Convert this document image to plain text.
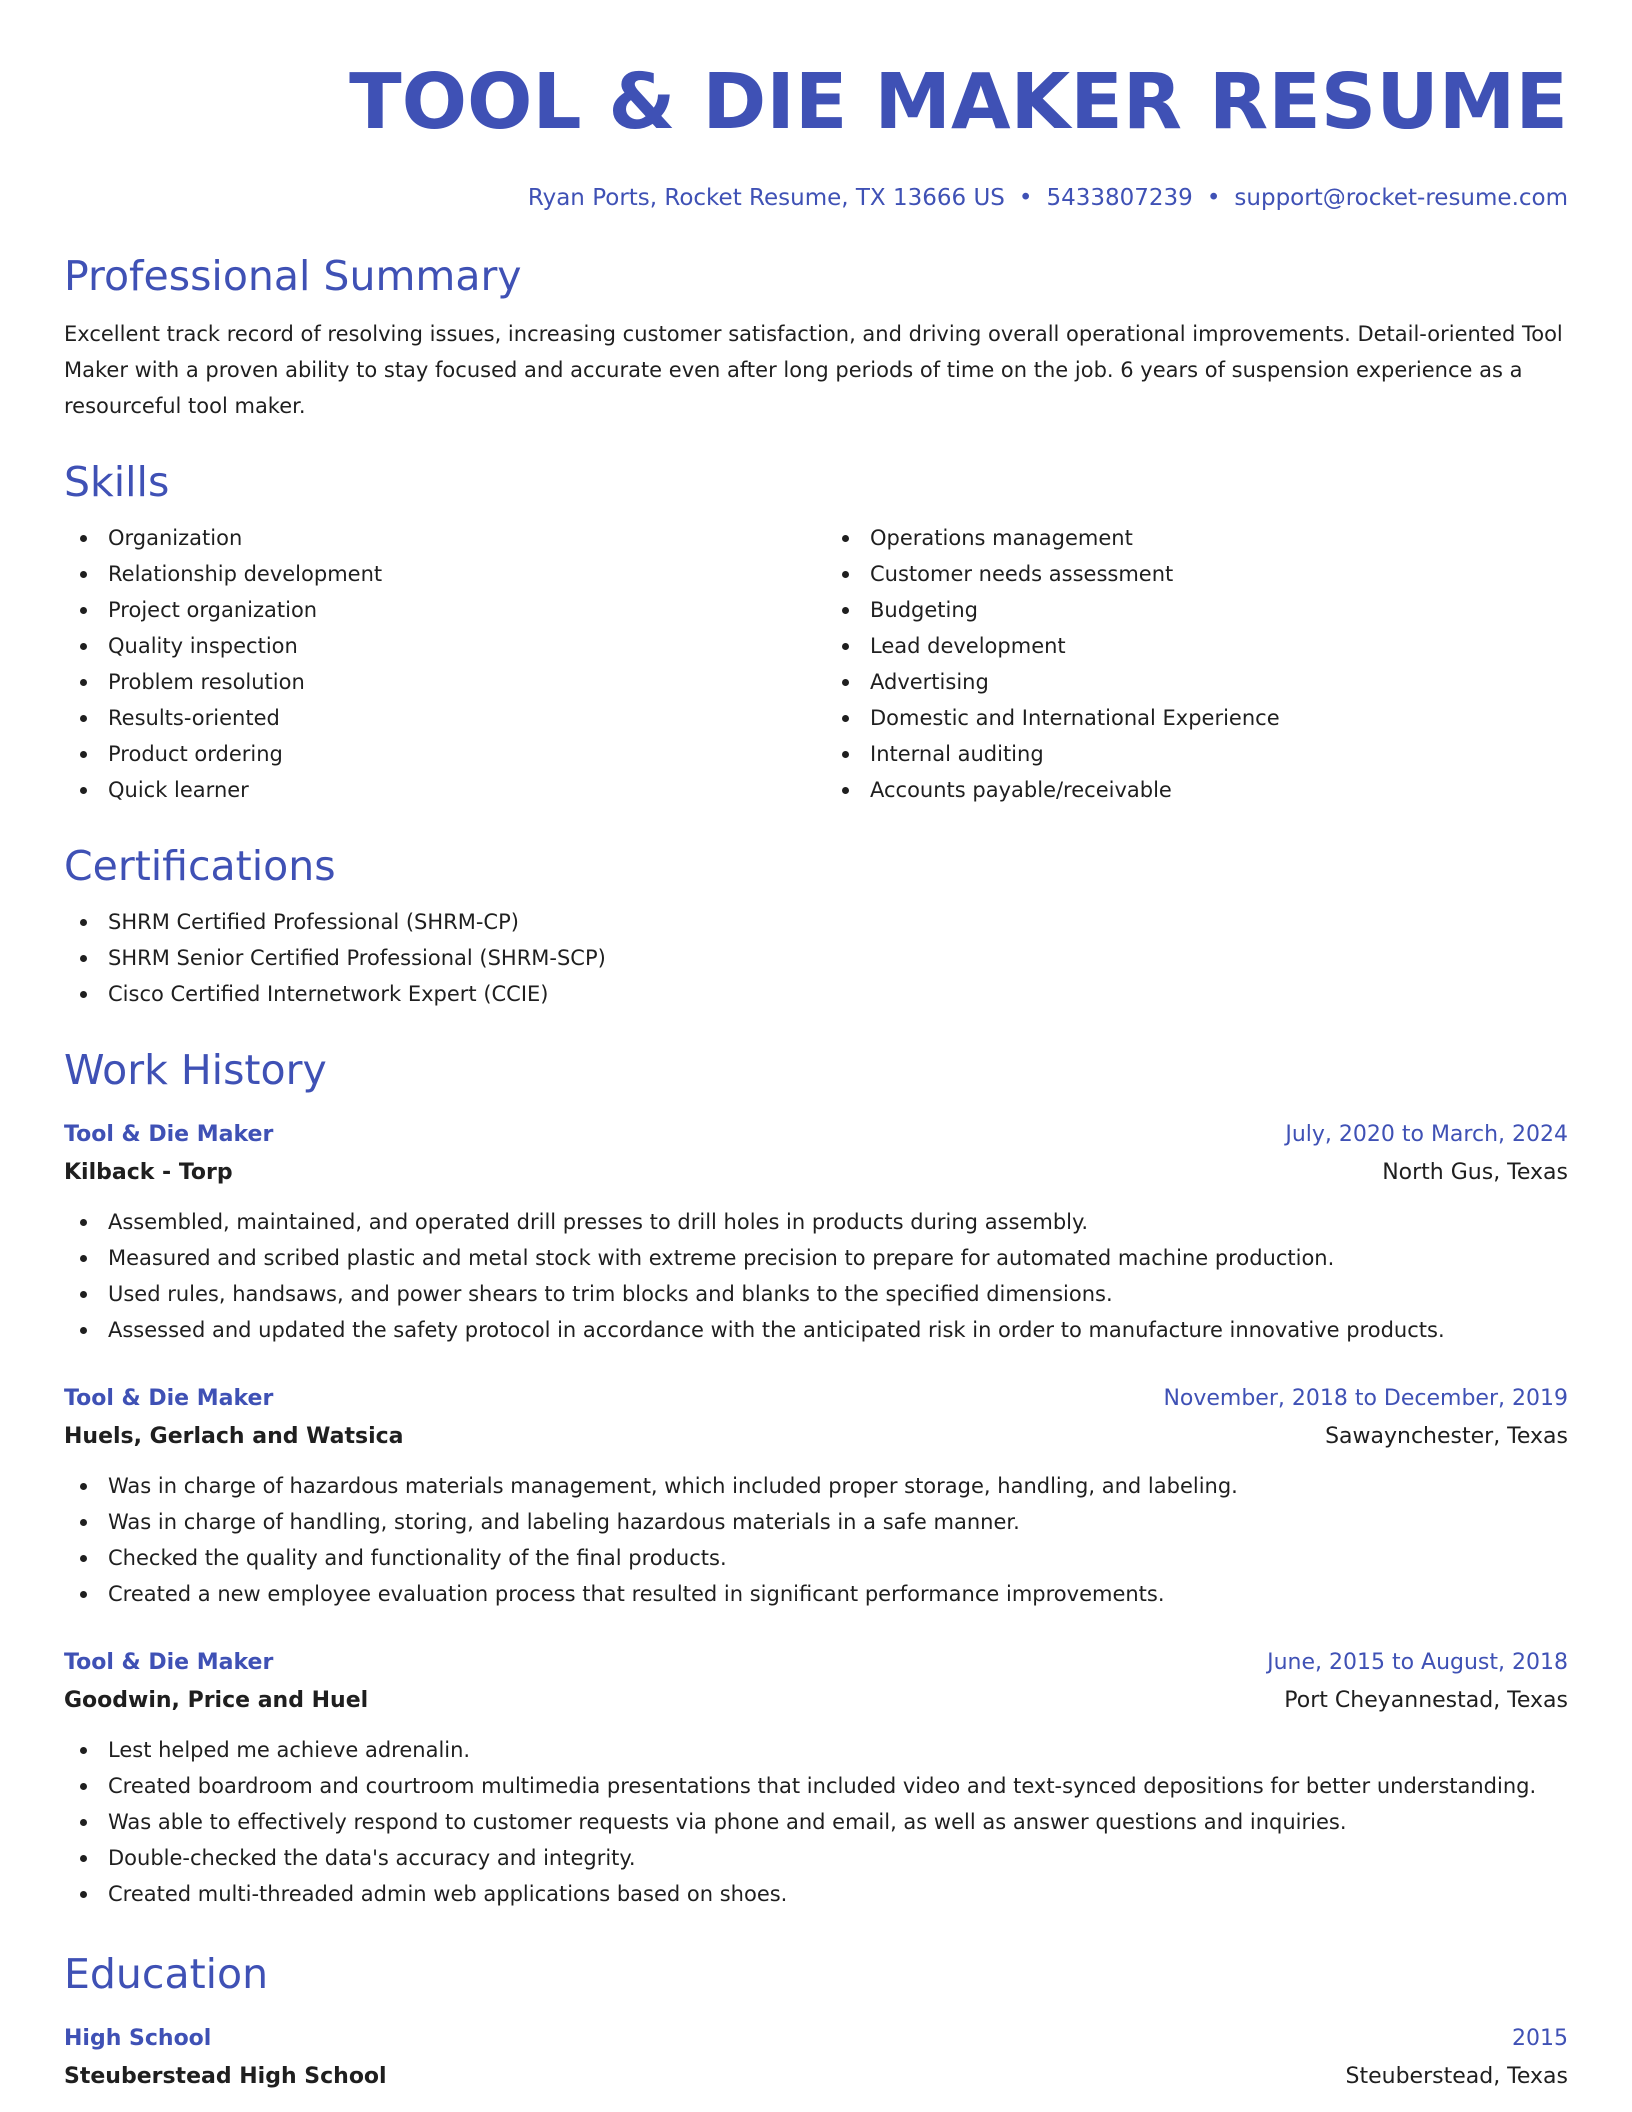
TOOL & DIE MAKER RESUME
Ryan Ports, Rocket Resume, TX 13666 US • 5433807239 • support@rocket-resume.com
Professional Summary

Excellent track record of resolving issues, increasing customer satisfaction, and driving overall operational improvements. Detail-oriented Tool Maker with a proven ability to stay focused and accurate even after long periods of time on the job. 6 years of suspension experience as a resourceful tool maker.

Skills
Organization
Relationship development
Project organization
Quality inspection
Problem resolution
Results-oriented
Product ordering
Quick learner
Operations management
Customer needs assessment
Budgeting
Lead development
Advertising
Domestic and International Experience
Internal auditing
Accounts payable/receivable
Certifications
SHRM Certified Professional (SHRM-CP)
SHRM Senior Certified Professional (SHRM-SCP)
Cisco Certified Internetwork Expert (CCIE)
Work History
Tool & Die Maker	July, 2020 to March, 2024
Kilback - Torp	North Gus, Texas
Assembled, maintained, and operated drill presses to drill holes in products during assembly.
Measured and scribed plastic and metal stock with extreme precision to prepare for automated machine production.
Used rules, handsaws, and power shears to trim blocks and blanks to the specified dimensions.
Assessed and updated the safety protocol in accordance with the anticipated risk in order to manufacture innovative products.
Tool & Die Maker	November, 2018 to December, 2019
Huels, Gerlach and Watsica	Sawaynchester, Texas
Was in charge of hazardous materials management, which included proper storage, handling, and labeling.
Was in charge of handling, storing, and labeling hazardous materials in a safe manner.
Checked the quality and functionality of the final products.
Created a new employee evaluation process that resulted in significant performance improvements.
Tool & Die Maker	June, 2015 to August, 2018
Goodwin, Price and Huel	Port Cheyannestad, Texas
Lest helped me achieve adrenalin.
Created boardroom and courtroom multimedia presentations that included video and text-synced depositions for better understanding.
Was able to effectively respond to customer requests via phone and email, as well as answer questions and inquiries.
Double-checked the data's accuracy and integrity.
Created multi-threaded admin web applications based on shoes.
Education
High School	2015
Steuberstead High School	Steuberstead, Texas
